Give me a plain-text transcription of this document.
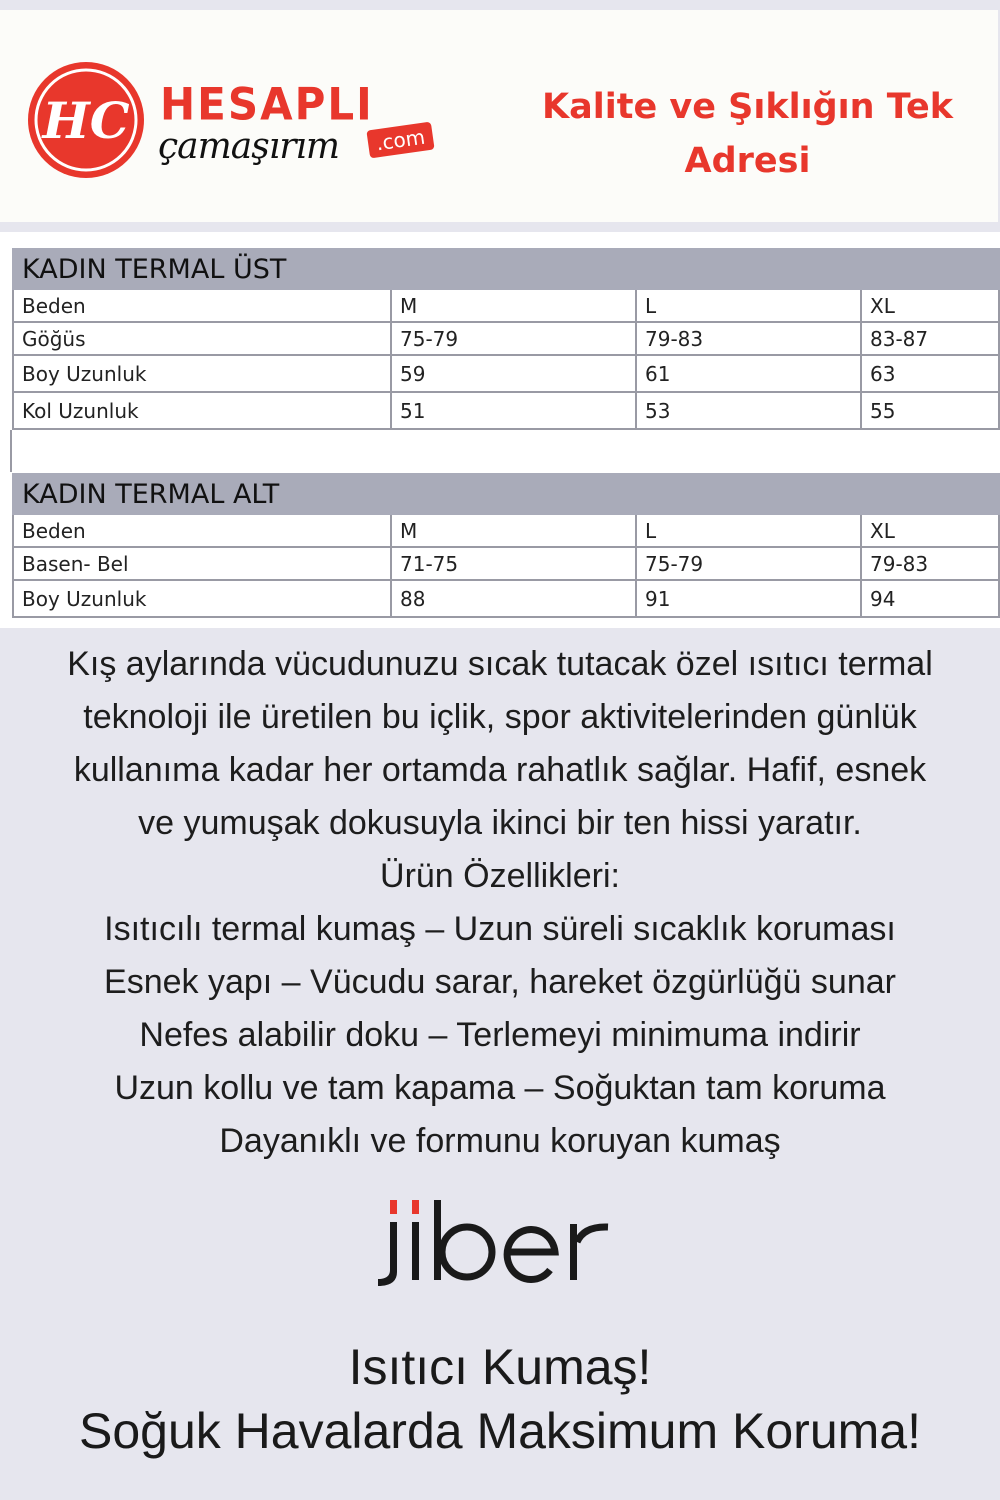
HC HESAPLI
çamaşırım	.com
Kalite ve Şıklığın Tek
Adresi
KADIN TERMAL ÜST			
Beden	M	L	XL
Göğüs	75-79	79-83	83-87
Boy Uzunluk	59	61	63
Kol Uzunluk	51	53	55
KADIN TERMAL ALT			
Beden	M	L	XL
Basen- Bel	71-75	75-79	79-83
Boy Uzunluk	88	91	94
Kış aylarında vücudunuzu sıcak tutacak özel ısıtıcı termal
teknoloji ile üretilen bu içlik, spor aktivitelerinden günlük
kullanıma kadar her ortamda rahatlık sağlar. Hafif, esnek
ve yumuşak dokusuyla ikinci bir ten hissi yaratır.
Ürün Özellikleri:
Isıtıcılı termal kumaş – Uzun süreli sıcaklık koruması
Esnek yapı – Vücudu sarar, hareket özgürlüğü sunar
Nefes alabilir doku – Terlemeyi minimuma indirir
Uzun kollu ve tam kapama – Soğuktan tam koruma
Dayanıklı ve formunu koruyan kumaş
jiber
Isıtıcı Kumaş!
Soğuk Havalarda Maksimum Koruma!
